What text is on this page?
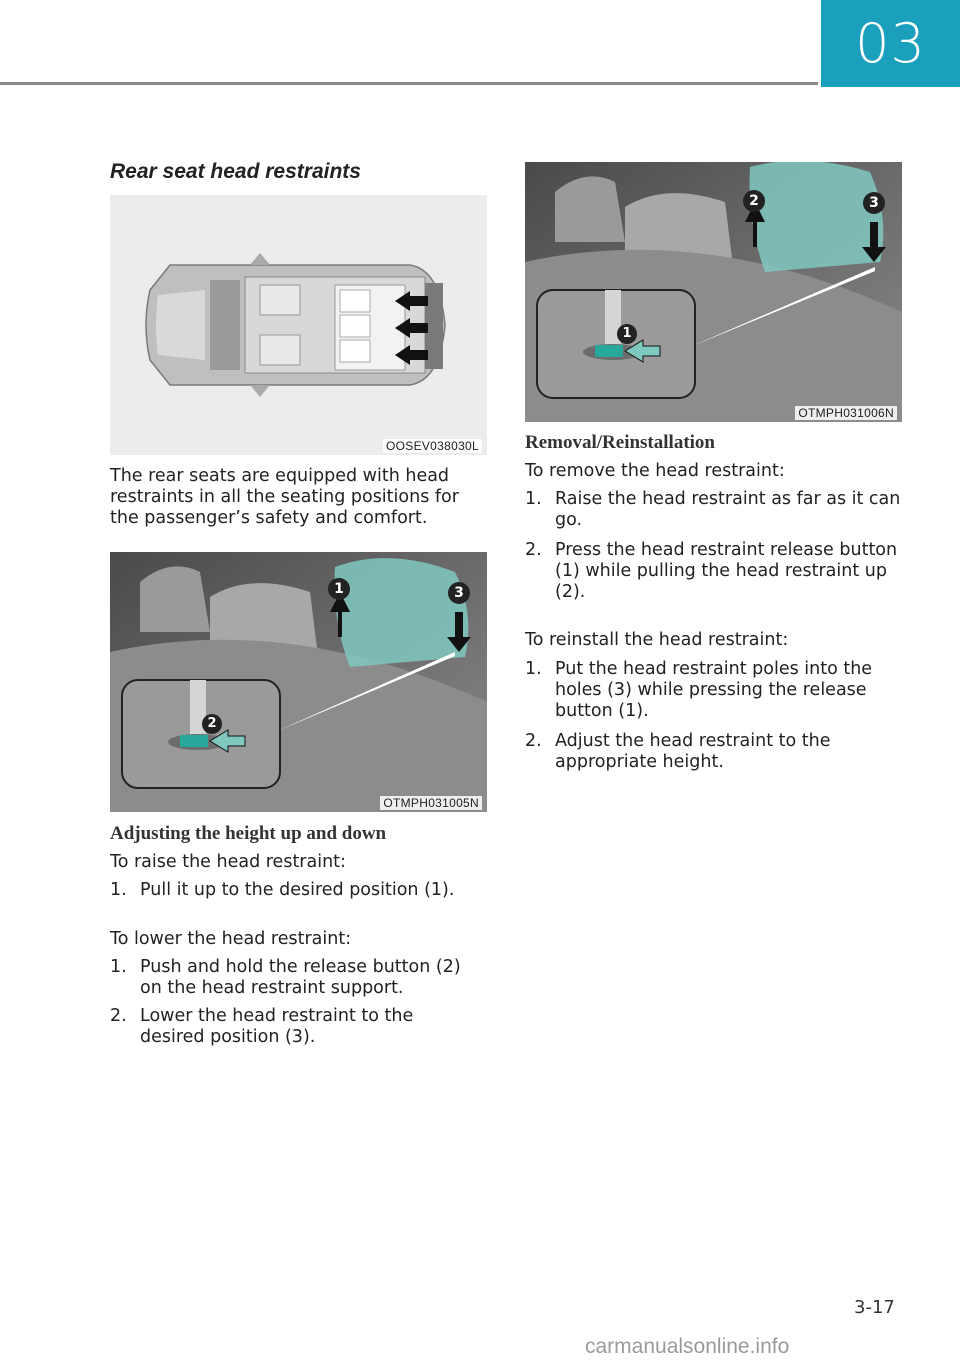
03
Rear seat head restraints
OOSEV038030L

The rear seats are equipped with head restraints in all the seating positions for the passenger’s safety and comfort.

1	3
2
OTMPH031005N
Adjusting the height up and down

To raise the head restraint:

1. Pull it up to the desired position (1).

To lower the head restraint:

1. Push and hold the release button (2) on the head restraint support.
2. Lower the head restraint to the desired position (3).
2	3
1
OTMPH031006N
Removal/Reinstallation

To remove the head restraint:

1. Raise the head restraint as far as it can go.
2. Press the head restraint release button (1) while pulling the head restraint up (2).

To reinstall the head restraint:

1. Put the head restraint poles into the holes (3) while pressing the release button (1).
2. Adjust the head restraint to the appropriate height.
3-17
carmanualsonline.info
